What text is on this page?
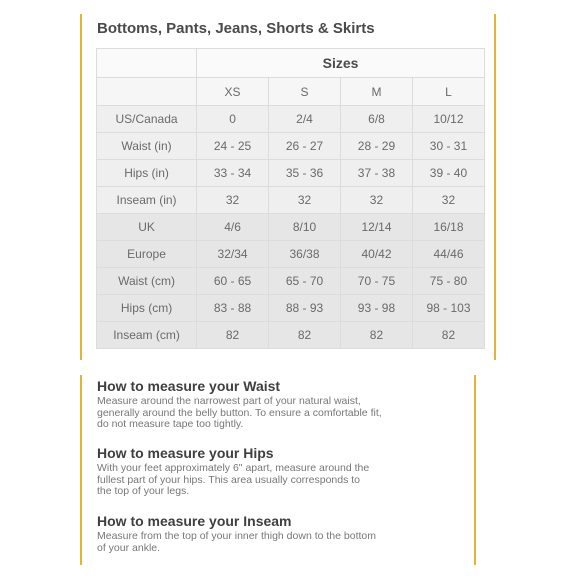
Bottoms, Pants, Jeans, Shorts & Skirts
	Sizes			
	XS	S	M	L
US/Canada	0	2/4	6/8	10/12
Waist (in)	24 - 25	26 - 27	28 - 29	30 - 31
Hips (in)	33 - 34	35 - 36	37 - 38	39 - 40
Inseam (in)	32	32	32	32
UK	4/6	8/10	12/14	16/18
Europe	32/34	36/38	40/42	44/46
Waist (cm)	60 - 65	65 - 70	70 - 75	75 - 80
Hips (cm)	83 - 88	88 - 93	93 - 98	98 - 103
Inseam (cm)	82	82	82	82
How to measure your Waist

Measure around the narrowest part of your natural waist,
generally around the belly button. To ensure a comfortable fit,
do not measure tape too tightly.

How to measure your Hips

With your feet approximately 6" apart, measure around the
fullest part of your hips. This area usually corresponds to
the top of your legs.

How to measure your Inseam

Measure from the top of your inner thigh down to the bottom
of your ankle.
